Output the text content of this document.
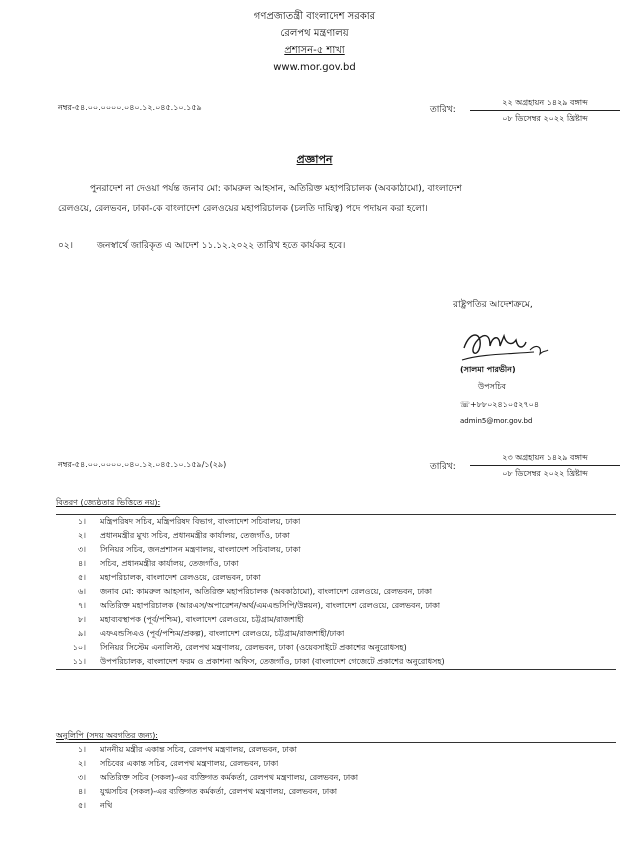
গণপ্রজাতন্ত্রী বাংলাদেশ সরকার
রেলপথ মন্ত্রণালয়
প্রশাসন-৫ শাখা
www.mor.gov.bd
নম্বর-৫৪.০০.০০০০.০৪০.১২.০৪৫.১০.১৫৯	তারিখ:
২২ অগ্রহায়ন ১৪২৯ বঙ্গাব্দ
০৮ ডিসেম্বর ২০২২ খ্রিষ্টাব্দ
প্রজ্ঞাপন
পুনরাদেশ না দেওয়া পর্যন্ত জনাব মো: কামরুল আহসান, অতিরিক্ত মহাপরিচালক (অবকাঠামো), বাংলাদেশ
রেলওয়ে, রেলভবন, ঢাকা-কে বাংলাদেশ রেলওয়ের মহাপরিচালক (চলতি দায়িত্ব) পদে পদায়ন করা হলো।
০২।	জনস্বার্থে জারিকৃত এ আদেশ ১১.১২.২০২২ তারিখ হতে কার্যকর হবে।
রাষ্ট্রপতির আদেশক্রমে,
(সালমা পারভীন)
উপসচিব
☏+৮৮০২৪১০৫২৭০৪
admin5@mor.gov.bd
নম্বর-৫৪.০০.০০০০.০৪০.১২.০৪৫.১০.১৫৯/১(২৯)	তারিখ:
২৩ অগ্রহায়ন ১৪২৯ বঙ্গাব্দ
০৮ ডিসেম্বর ২০২২ খ্রিষ্টাব্দ
বিতরণ (জ্যেষ্ঠতার ভিত্তিতে নয়):
১।	মন্ত্রিপরিষদ সচিব, মন্ত্রিপরিষদ বিভাগ, বাংলাদেশ সচিবালয়, ঢাকা
২।	প্রধানমন্ত্রীর মুখ্য সচিব, প্রধানমন্ত্রীর কার্যালয়, তেজগাঁও, ঢাকা
৩।	সিনিয়র সচিব, জনপ্রশাসন মন্ত্রণালয়, বাংলাদেশ সচিবালয়, ঢাকা
৪।	সচিব, প্রধানমন্ত্রীর কার্যালয়, তেজগাঁও, ঢাকা
৫।	মহাপরিচালক, বাংলাদেশ রেলওয়ে, রেলভবন, ঢাকা
৬।	জনাব মো: কামরুল আহসান, অতিরিক্ত মহাপরিচালক (অবকাঠামো), বাংলাদেশ রেলওয়ে, রেলভবন, ঢাকা
৭।	অতিরিক্ত মহাপরিচালক (আরএস/অপারেশন/অর্থ/এমএন্ডসিপি/উন্নয়ন), বাংলাদেশ রেলওয়ে, রেলভবন, ঢাকা
৮।	মহাব্যবস্থাপক (পূর্ব/পশ্চিম), বাংলাদেশ রেলওয়ে, চট্টগ্রাম/রাজশাহী
৯।	এফএন্ডসিএও (পূর্ব/পশ্চিম/প্রকল্প), বাংলাদেশ রেলওয়ে, চট্টগ্রাম/রাজশাহী/ঢাকা
১০।	সিনিয়র সিস্টেম এনালিস্ট, রেলপথ মন্ত্রণালয়, রেলভবন, ঢাকা (ওয়েবসাইটে প্রকাশের অনুরোধসহ)
১১।	উপপরিচালক, বাংলাদেশ ফরম ও প্রকাশনা অফিস, তেজগাঁও, ঢাকা (বাংলাদেশ গেজেটে প্রকাশের অনুরোধসহ)
অনুলিপি (সদয় অবগতির জন্য):
১।	মাননীয় মন্ত্রীর একান্ত সচিব, রেলপথ মন্ত্রণালয়, রেলভবন, ঢাকা
২।	সচিবের একান্ত সচিব, রেলপথ মন্ত্রণালয়, রেলভবন, ঢাকা
৩।	অতিরিক্ত সচিব (সকল)-এর ব্যক্তিগত কর্মকর্তা, রেলপথ মন্ত্রণালয়, রেলভবন, ঢাকা
৪।	যুগ্মসচিব (সকল)-এর ব্যক্তিগত কর্মকর্তা, রেলপথ মন্ত্রণালয়, রেলভবন, ঢাকা
৫।	নথি
